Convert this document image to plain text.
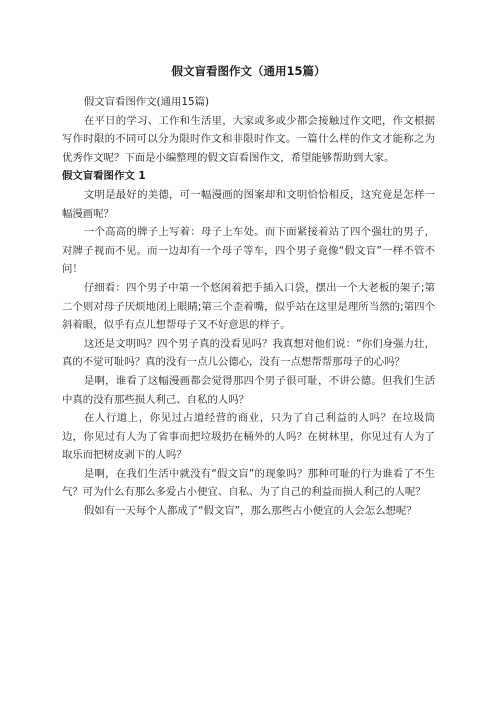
假文盲看图作文（通用15篇）

假文盲看图作文(通用15篇)

在平日的学习、工作和生活里，大家或多或少都会接触过作文吧，作文根据写作时限的不同可以分为限时作文和非限时作文。一篇什么样的作文才能称之为优秀作文呢？下面是小编整理的假文盲看图作文，希望能够帮助到大家。

假文盲看图作文 1

文明是最好的美德，可一幅漫画的图案却和文明恰恰相反，这究竟是怎样一幅漫画呢？

一个高高的牌子上写着：母子上车处。而下面紧接着站了四个强壮的男子，对牌子视而不见。而一边却有一个母子等车，四个男子竟像“假文盲”一样不管不问！

仔细看：四个男子中第一个悠闲着把手插入口袋，摆出一个大老板的架子;第二个则对母子厌烦地闭上眼睛;第三个歪着嘴，似乎站在这里是理所当然的;第四个斜着眼，似乎有点儿想帮母子又不好意思的样子。

这还是文明吗？四个男子真的没看见吗？我真想对他们说：“你们身强力壮，真的不觉可耻吗？真的没有一点儿公德心，没有一点想帮帮那母子的心吗？

是啊，谁看了这幅漫画都会觉得那四个男子很可耻，不讲公德。但我们生活中真的没有那些损人利己、自私的人吗？

在人行道上，你见过占道经营的商业，只为了自己利益的人吗？在垃圾筒边，你见过有人为了省事而把垃圾扔在桶外的人吗？在树林里，你见过有人为了取乐而把树皮剥下的人吗？

是啊，在我们生活中就没有“假文盲”的现象吗？那种可耻的行为谁看了不生气？可为什么有那么多爱占小便宜、自私、为了自己的利益而损人利己的人呢？

假如有一天每个人都成了“假文盲”，那么那些占小便宜的人会怎么想呢？
